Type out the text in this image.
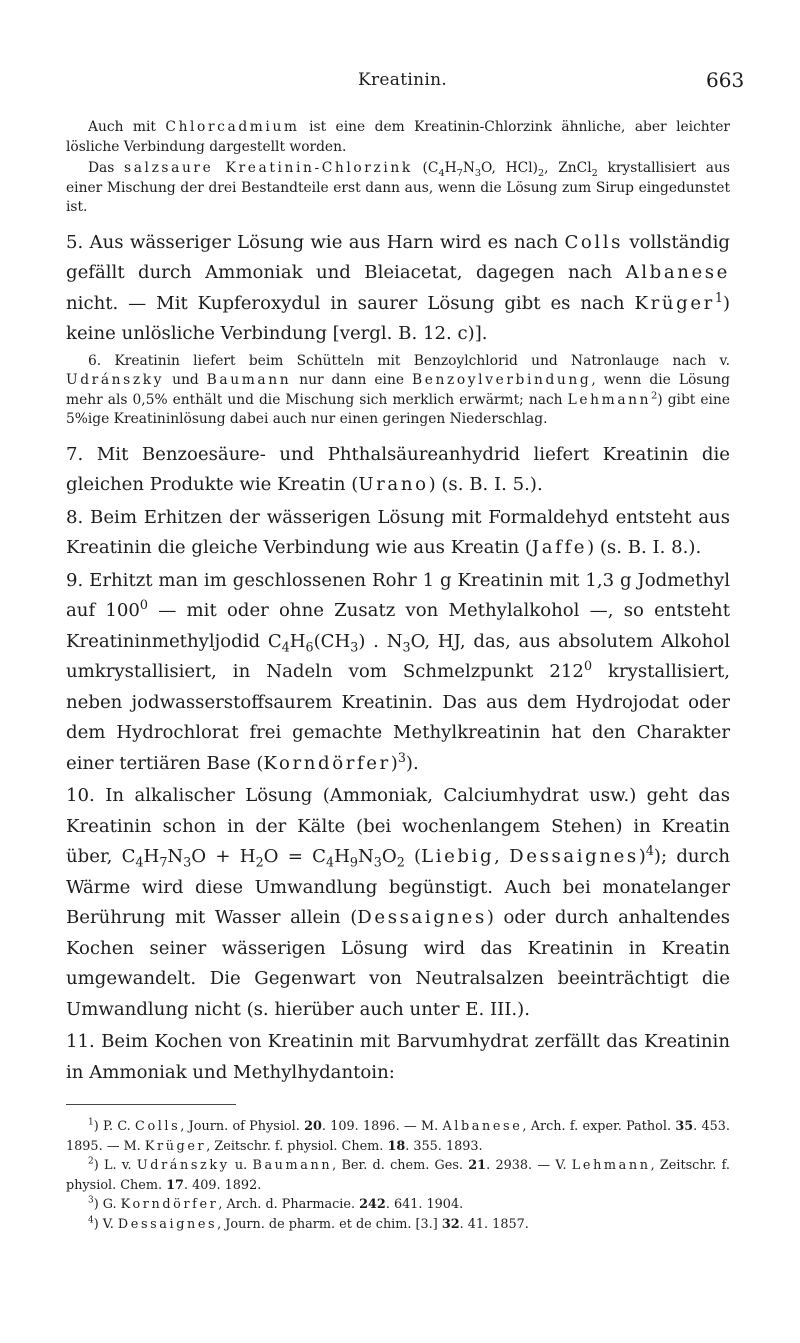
Kreatinin.	663

Auch mit Chlorcadmium ist eine dem Kreatinin-Chlorzink ähnliche, aber leichter lösliche Verbindung dargestellt worden.

Das salzsaure Kreatinin-Chlorzink ($C_4H_7N_3O$, $HCl)_2$, ZnCl$_2$ krystallisiert aus einer Mischung der drei Bestandteile erst dann aus, wenn die Lösung zum Sirup eingedunstet ist.

5. Aus wässeriger Lösung wie aus Harn wird es nach Colls vollständig gefällt durch Ammoniak und Bleiacetat, dagegen nach Albanese nicht. — Mit Kupferoxydul in saurer Lösung gibt es nach Krüger$^1$) keine unlösliche Verbindung [vergl. B. 12. c)].

6. Kreatinin liefert beim Schütteln mit Benzoylchlorid und Natronlauge nach v. Udránszky und Baumann nur dann eine Benzoylverbindung, wenn die Lösung mehr als 0,5% enthält und die Mischung sich merklich erwärmt; nach Lehmann$^2$) gibt eine 5%ige Kreatininlösung dabei auch nur einen geringen Niederschlag.

7. Mit Benzoesäure- und Phthalsäureanhydrid liefert Kreatinin die gleichen Produkte wie Kreatin (Urano) (s. B. I. 5.).

8. Beim Erhitzen der wässerigen Lösung mit Formaldehyd entsteht aus Kreatinin die gleiche Verbindung wie aus Kreatin (Jaffe) (s. B. I. 8.).

9. Erhitzt man im geschlossenen Rohr 1 g Kreatinin mit 1,3 g Jodmethyl auf $100^0$ — mit oder ohne Zusatz von Methylalkohol —, so entsteht Kreatininmethyljodid $C_4H_6(CH_3)$ . $N_3O$, HJ, das, aus absolutem Alkohol umkrystallisiert, in Nadeln vom Schmelzpunkt $212^0$ krystallisiert, neben jodwasserstoffsaurem Kreatinin. Das aus dem Hydrojodat oder dem Hydrochlorat frei gemachte Methylkreatinin hat den Charakter einer tertiären Base (Korndörfer)$^3$).

10. In alkalischer Lösung (Ammoniak, Calciumhydrat usw.) geht das Kreatinin schon in der Kälte (bei wochenlangem Stehen) in Kreatin über, $C_4H_7N_3O + H_2O = C_4H_9N_3O_2$ (Liebig, Dessaignes)$^4$); durch Wärme wird diese Umwandlung begünstigt. Auch bei monatelanger Berührung mit Wasser allein (Dessaignes) oder durch anhaltendes Kochen seiner wässerigen Lösung wird das Kreatinin in Kreatin umgewandelt. Die Gegenwart von Neutralsalzen beeinträchtigt die Umwandlung nicht (s. hierüber auch unter E. III.).

11. Beim Kochen von Kreatinin mit Barvumhydrat zerfällt das Kreatinin in Ammoniak und Methylhydantoin:

$^1$) P. C. Colls, Journ. of Physiol. 20. 109. 1896. — M. Albanese, Arch. f. exper. Pathol. 35. 453. 1895. — M. Krüger, Zeitschr. f. physiol. Chem. 18. 355. 1893.

$^2$) L. v. Udránszky u. Baumann, Ber. d. chem. Ges. 21. 2938. — V. Lehmann, Zeitschr. f. physiol. Chem. 17. 409. 1892.

$^3$) G. Korndörfer, Arch. d. Pharmacie. 242. 641. 1904.

$^4$) V. Dessaignes, Journ. de pharm. et de chim. [3.] 32. 41. 1857.
